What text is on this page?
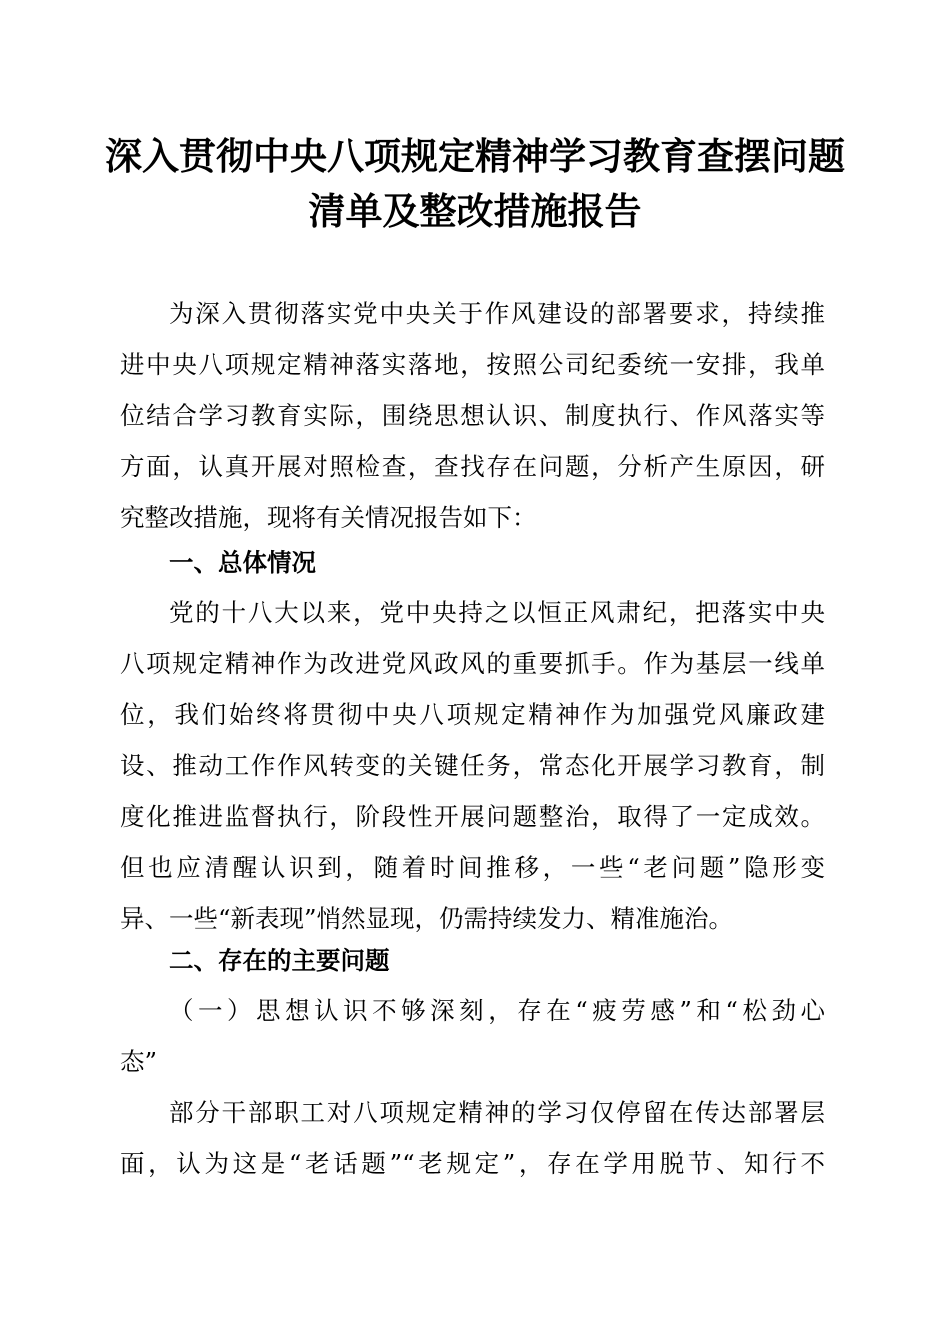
深入贯彻中央八项规定精神学习教育查摆问题
清单及整改措施报告
为深入贯彻落实党中央关于作风建设的部署要求，持续推
进中央八项规定精神落实落地，按照公司纪委统一安排，我单
位结合学习教育实际，围绕思想认识、制度执行、作风落实等
方面，认真开展对照检查，查找存在问题，分析产生原因，研
究整改措施，现将有关情况报告如下：
一、总体情况
党的十八大以来，党中央持之以恒正风肃纪，把落实中央
八项规定精神作为改进党风政风的重要抓手。作为基层一线单
位，我们始终将贯彻中央八项规定精神作为加强党风廉政建
设、推动工作作风转变的关键任务，常态化开展学习教育，制
度化推进监督执行，阶段性开展问题整治，取得了一定成效。
但也应清醒认识到，随着时间推移，一些“老问题”隐形变
异、一些“新表现”悄然显现，仍需持续发力、精准施治。
二、存在的主要问题
（一）思想认识不够深刻，存在“疲劳感”和“松劲心
态”
部分干部职工对八项规定精神的学习仅停留在传达部署层
面，认为这是“老话题”“老规定”，存在学用脱节、知行不
